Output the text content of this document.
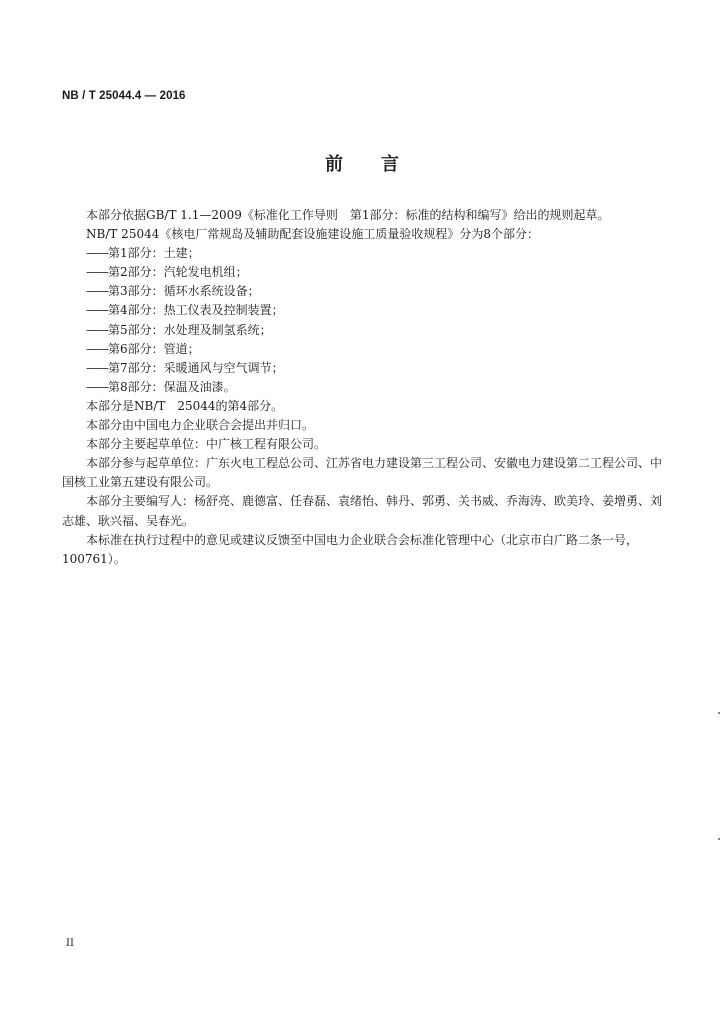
NB / T 25044.4 — 2016
前言

本部分依据GB/T 1.1—2009《标准化工作导则　第1部分：标准的结构和编写》给出的规则起草。

NB/T 25044《核电厂常规岛及辅助配套设施建设施工质量验收规程》分为8个部分：

——第1部分：土建；
——第2部分：汽轮发电机组；
——第3部分：循环水系统设备；
——第4部分：热工仪表及控制装置；
——第5部分：水处理及制氢系统；
——第6部分：管道；
——第7部分：采暖通风与空气调节；
——第8部分：保温及油漆。

本部分是NB/T　25044的第4部分。

本部分由中国电力企业联合会提出并归口。

本部分主要起草单位：中广核工程有限公司。

本部分参与起草单位：广东火电工程总公司、江苏省电力建设第三工程公司、安徽电力建设第二工程公司、中国核工业第五建设有限公司。

本部分主要编写人：杨舒亮、鹿德富、任春磊、袁绪怡、韩丹、郭勇、关书威、乔海涛、欧美玲、姜增勇、刘志雄、耿兴福、吴春光。

本标准在执行过程中的意见或建议反馈至中国电力企业联合会标准化管理中心（北京市白广路二条一号，100761）。

II
